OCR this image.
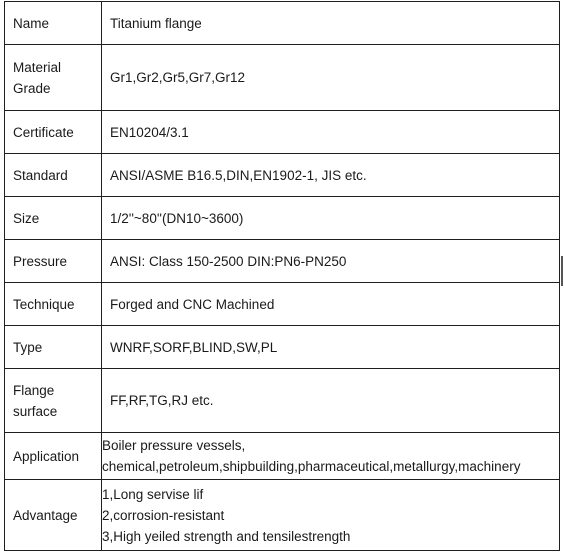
Name	Titanium flange

Material
Grade	Gr1,Gr2,Gr5,Gr7,Gr12

Certificate	EN10204/3.1

Standard	ANSI/ASME B16.5,DIN,EN1902-1, JIS etc.

Size	1/2''~80''(DN10~3600)

Pressure	ANSI: Class 150-2500 DIN:PN6-PN250

Technique	Forged and CNC Machined

Type	WNRF,SORF,BLIND,SW,PL

Flange
surface	FF,RF,TG,RJ etc.

Application	Boiler pressure vessels,
chemical,petroleum,shipbuilding,pharmaceutical,metallurgy,machinery

Advantage	1,Long servise lif
2,corrosion-resistant
3,High yeiled strength and tensilestrength
